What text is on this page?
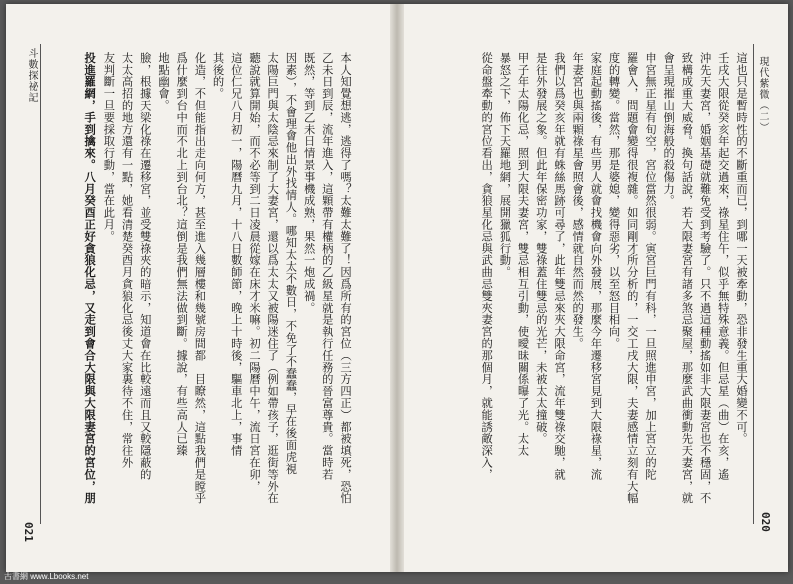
斗數探祕記	本人知覺想逃，逃得了嗎？太難太難了！因爲所有的宮位（三方四正）都被填死，恐怕
乙未日到辰，流年進入，這顆帶有權柄的乙級星就是執行任務的晉富尊貴。當時若
既然，等到乙未日情景事機成熟，果然一炮成禍。
因素），不會理會他出外找情人。哪知太太不數日，不免了不蠢蠢，早在後面虎視
太陽巨門與太陰忌來制了大妻宮，還以爲太太又被陽迷住了（例如帶孩子，逛街等外在
聽說就算開始，而不必等到二日凌晨從嫁在床才米嘛。初二陽曆中午，流日宮在卯，
這位仁兄八月初一，陽曆九月，十八日數師節，晚上十時後，驅車北上，事情
其後的。
化造，不但能指出走向何方，甚至進入幾層樓和幾號房間都　目瞭然，這點我們是瞠乎
爲什麼到台中而不北上到台北？這倒是我們無法做到斷。據說，有些高人已臻
地點幽會。
臉，根據天梁化祿在遷移宮，並受雙祿夾的暗示，知道會在比較遠而且又較隱蔽的
太太高招的地方還有一點，她看清楚癸酉月貪狼化忌後丈大家裏待不住，常往外
友判斷一旦要採取行動，當在此月。
投進羅網，手到擒來。八月癸酉正好貪狼化忌，又走到會合大限與大限妻宮的宮位，朋
021
現代紫微（二）
這也只是暫時性的不斷重而已，到哪一天被牽動，恐非發生重大婚變不可。
壬戌大限從癸亥年起交過來，祿星住午，似乎無特殊意義。但忌星（曲）在亥，遙
沖先天妻宮，婚姻基礎就難免受到考驗了。只不過這種動搖如非大限妻宮也不穩固，不
致構成重大威脅。換句話說，若大限妻宮有諸多煞忌聚屋，那麼武曲衝動先天妻宮，就
會呈現摧山倒海般的殺傷力。
申宮無正星有旬空，宮位當然很弱。寅宮巨門有科，一旦照進申宮，加上宮立的陀
羅會入，問題會變得很複雜。如同剛才所分析的，一交工戌大限，夫妻感情立刻有大幅
度的轉變。當然，那是婆媳，變得惡劣，以至怒目相向。
家庭起動搖後，有些男人就會找機會向外發展，那麼今年遷移宮見到大限祿星，流
年妻宮也與兩顆祿星會照會後，感情就自然而然的發生。
我們以爲癸亥年就有蛛絲馬跡可尋了，此年雙忌來夾大限命宮，流年雙祿交馳，就
是往外發展之象。但此年保密功家，雙祿蓋住雙忌的光芒，未被太太撞破。
甲子年太陽化忌，照到大限夫妻宮，雙忌相互引動，使曖昧關係曝了光。太太
暴怒之下，佈下天羅地網，展開獵狐行動。
從命盤牽動的宮位看出，貪狼星化忌與武曲忌雙夾妻宮的那個月，就能誘敵深入，
020
古書網 www.Lbooks.net
